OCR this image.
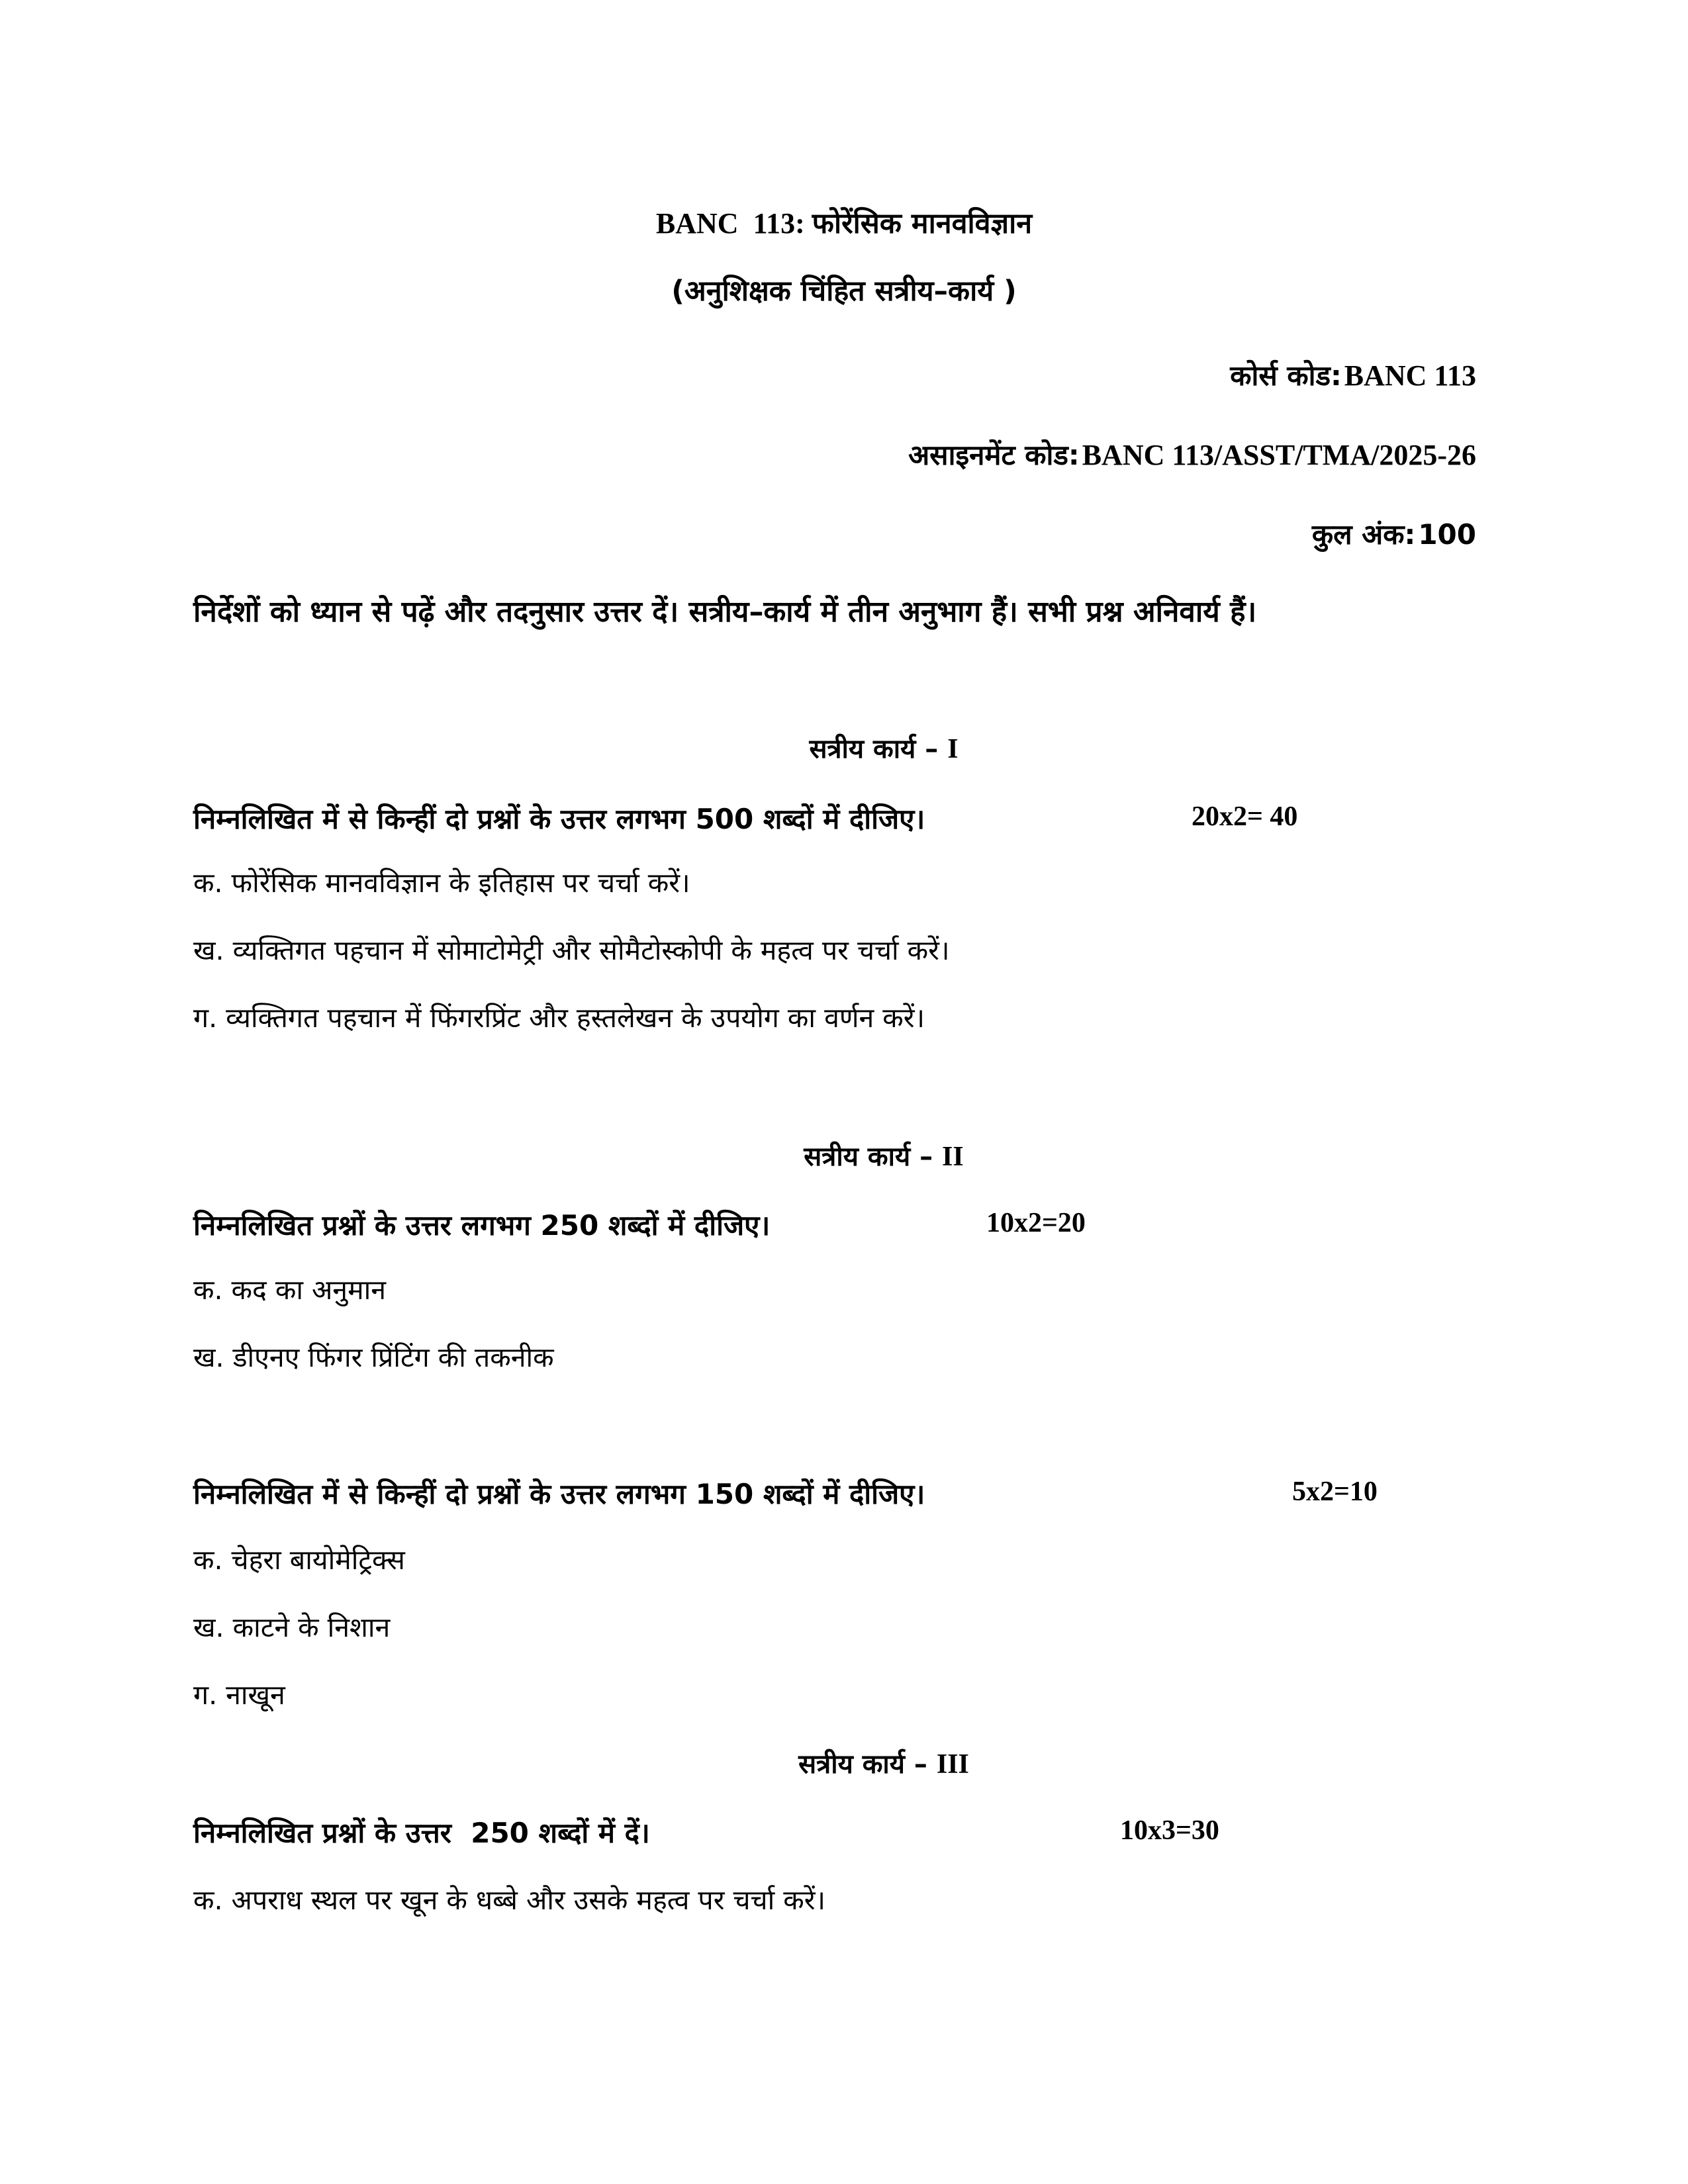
BANC  113: फोरेंसिक मानवविज्ञान
(अनुशिक्षक चिंहित सत्रीय–कार्य )
कोर्स कोड: BANC 113
असाइनमेंट कोड: BANC 113/ASST/TMA/2025-26
कुल अंक: 100
निर्देशों को ध्यान से पढ़ें और तदनुसार उत्तर दें। सत्रीय–कार्य में तीन अनुभाग हैं। सभी प्रश्न अनिवार्य हैं।
सत्रीय कार्य – I
निम्नलिखित में से किन्हीं दो प्रश्नों के उत्तर लगभग 500 शब्दों में दीजिए।	20x2= 40
क. फोरेंसिक मानवविज्ञान के इतिहास पर चर्चा करें।
ख. व्यक्तिगत पहचान में सोमाटोमेट्री और सोमैटोस्कोपी के महत्व पर चर्चा करें।
ग. व्यक्तिगत पहचान में फिंगरप्रिंट और हस्तलेखन के उपयोग का वर्णन करें।
सत्रीय कार्य – II
निम्नलिखित प्रश्नों के उत्तर लगभग 250 शब्दों में दीजिए।	10x2=20
क. कद का अनुमान
ख. डीएनए फिंगर प्रिंटिंग की तकनीक
निम्नलिखित में से किन्हीं दो प्रश्नों के उत्तर लगभग 150 शब्दों में दीजिए।	5x2=10
क. चेहरा बायोमेट्रिक्स
ख. काटने के निशान
ग. नाखून
सत्रीय कार्य – III
निम्नलिखित प्रश्नों के उत्तर  250 शब्दों में दें।	10x3=30
क. अपराध स्थल पर खून के धब्बे और उसके महत्व पर चर्चा करें।
